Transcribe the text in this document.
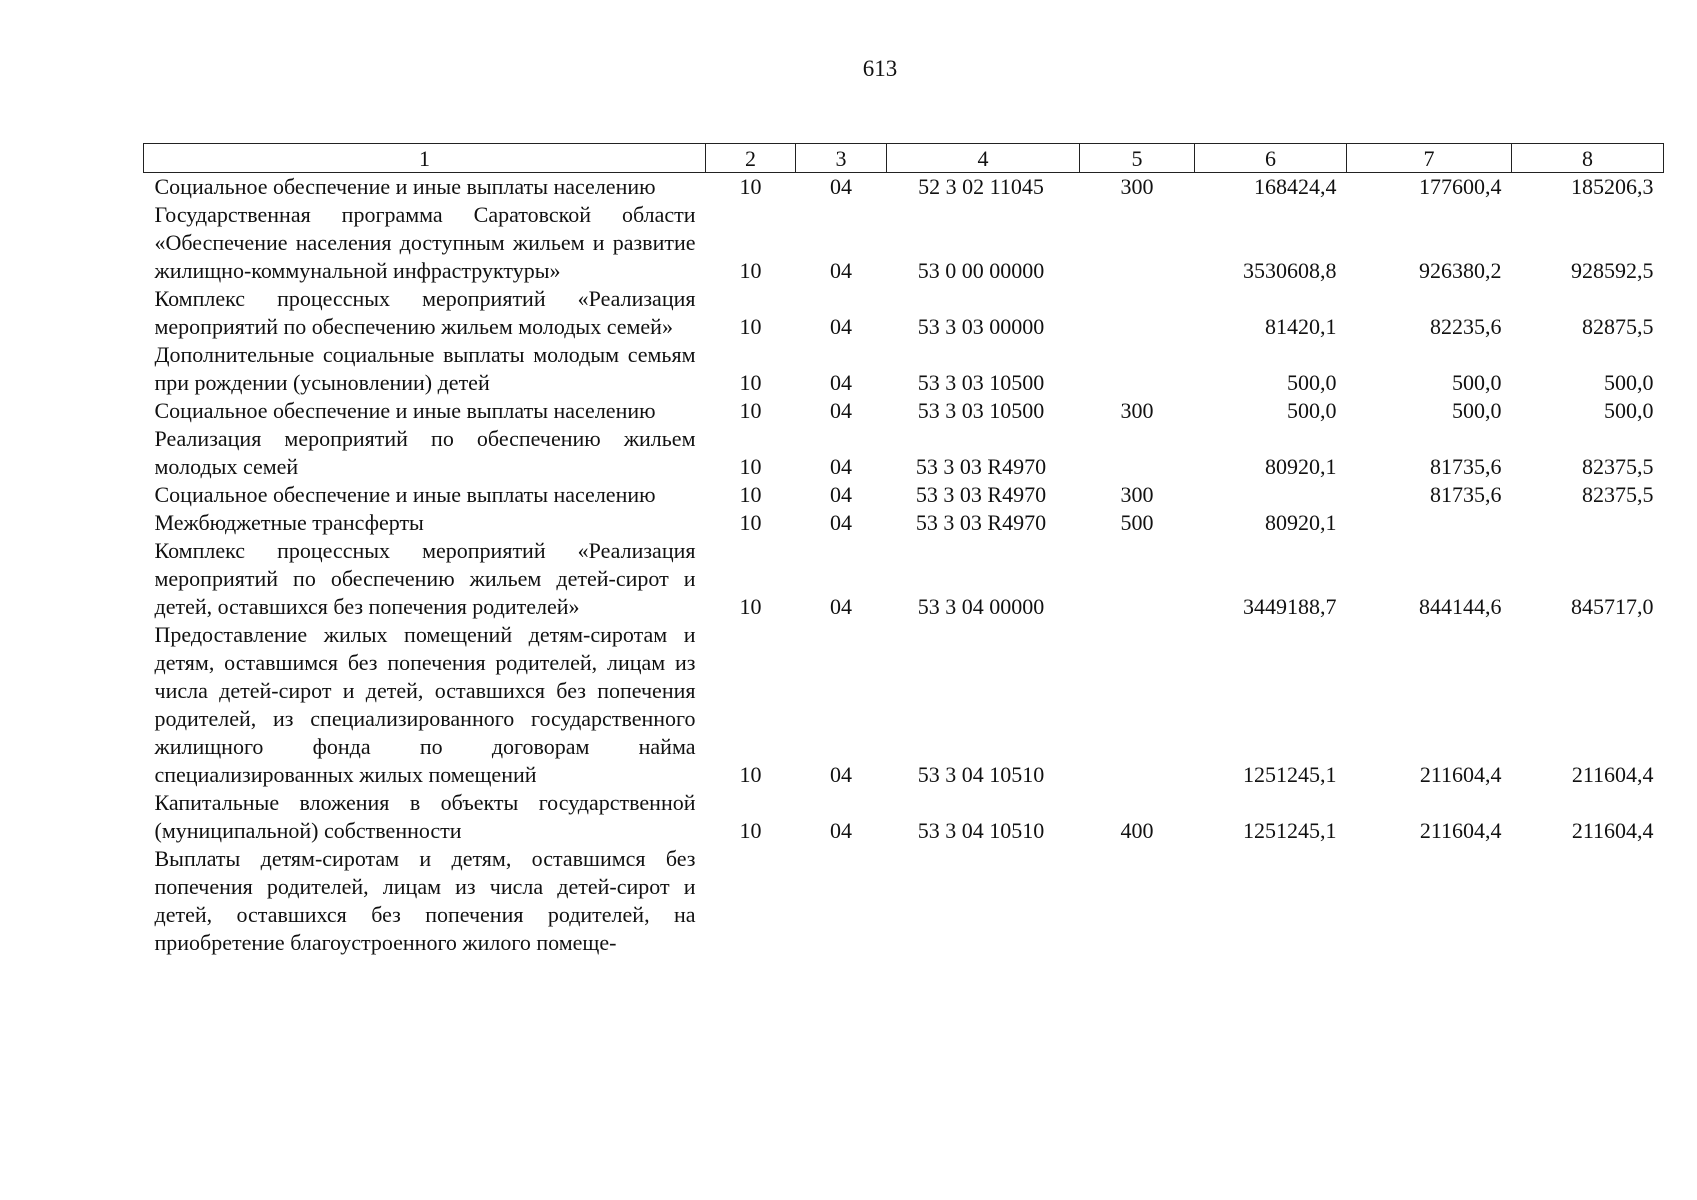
613
1	2	3	4	5	6	7	8
Социальное обеспечение и иные выплаты населению	10	04	52 3 02 11045	300	168424,4	177600,4	185206,3
Государственная программа Саратовской области «Обеспечение населения доступным жильем и развитие жилищно-коммунальной инфраструктуры»	10	04	53 0 00 00000		3530608,8	926380,2	928592,5
Комплекс процессных мероприятий «Реализация мероприятий по обеспечению жильем молодых семей»	10	04	53 3 03 00000		81420,1	82235,6	82875,5
Дополнительные социальные выплаты молодым семьям при рождении (усыновлении) детей	10	04	53 3 03 10500		500,0	500,0	500,0
Социальное обеспечение и иные выплаты населению	10	04	53 3 03 10500	300	500,0	500,0	500,0
Реализация мероприятий по обеспечению жильем молодых семей	10	04	53 3 03 R4970		80920,1	81735,6	82375,5
Социальное обеспечение и иные выплаты населению	10	04	53 3 03 R4970	300		81735,6	82375,5
Межбюджетные трансферты	10	04	53 3 03 R4970	500	80920,1		
Комплекс процессных мероприятий «Реализация мероприятий по обеспечению жильем детей-сирот и детей, оставшихся без попечения родителей»	10	04	53 3 04 00000		3449188,7	844144,6	845717,0
Предоставление жилых помещений детям-сиротам и детям, оставшимся без попечения родителей, лицам из числа детей-сирот и детей, оставшихся без попечения родителей, из специализированного государственного жилищного фонда по договорам найма специализированных жилых помещений	10	04	53 3 04 10510		1251245,1	211604,4	211604,4
Капитальные вложения в объекты государственной (муниципальной) собственности	10	04	53 3 04 10510	400	1251245,1	211604,4	211604,4
Выплаты детям-сиротам и детям, оставшимся без попечения родителей, лицам из числа детей-сирот и детей, оставшихся без попечения родителей, на приобретение благоустроенного жилого помеще-							
